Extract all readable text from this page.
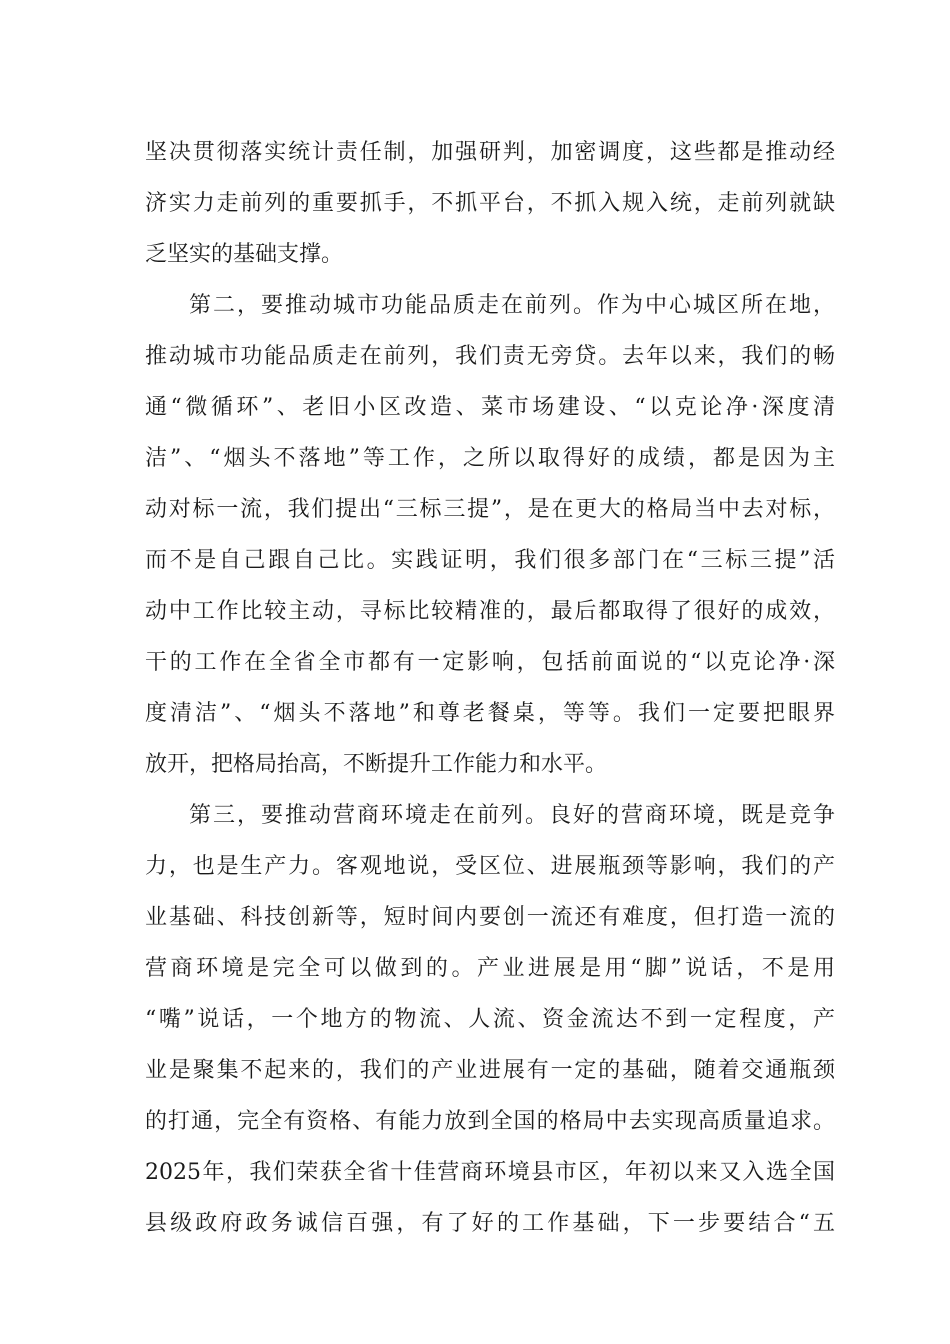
坚决贯彻落实统计责任制，加强研判，加密调度，这些都是推动经
济实力走前列的重要抓手，不抓平台，不抓入规入统，走前列就缺
乏坚实的基础支撑。
第二，要推动城市功能品质走在前列。作为中心城区所在地，
推动城市功能品质走在前列，我们责无旁贷。去年以来，我们的畅
通“微循环”、老旧小区改造、菜市场建设、“以克论净·深度清
洁”、“烟头不落地”等工作，之所以取得好的成绩，都是因为主
动对标一流，我们提出“三标三提”，是在更大的格局当中去对标，
而不是自己跟自己比。实践证明，我们很多部门在“三标三提”活
动中工作比较主动，寻标比较精准的，最后都取得了很好的成效，
干的工作在全省全市都有一定影响，包括前面说的“以克论净·深
度清洁”、“烟头不落地”和尊老餐桌，等等。我们一定要把眼界
放开，把格局抬高，不断提升工作能力和水平。
第三，要推动营商环境走在前列。良好的营商环境，既是竞争
力，也是生产力。客观地说，受区位、进展瓶颈等影响，我们的产
业基础、科技创新等，短时间内要创一流还有难度，但打造一流的
营商环境是完全可以做到的。产业进展是用“脚”说话，不是用
“嘴”说话，一个地方的物流、人流、资金流达不到一定程度，产
业是聚集不起来的，我们的产业进展有一定的基础，随着交通瓶颈
的打通，完全有资格、有能力放到全国的格局中去实现高质量追求。
2025年，我们荣获全省十佳营商环境县市区，年初以来又入选全国
县级政府政务诚信百强，有了好的工作基础，下一步要结合“五
